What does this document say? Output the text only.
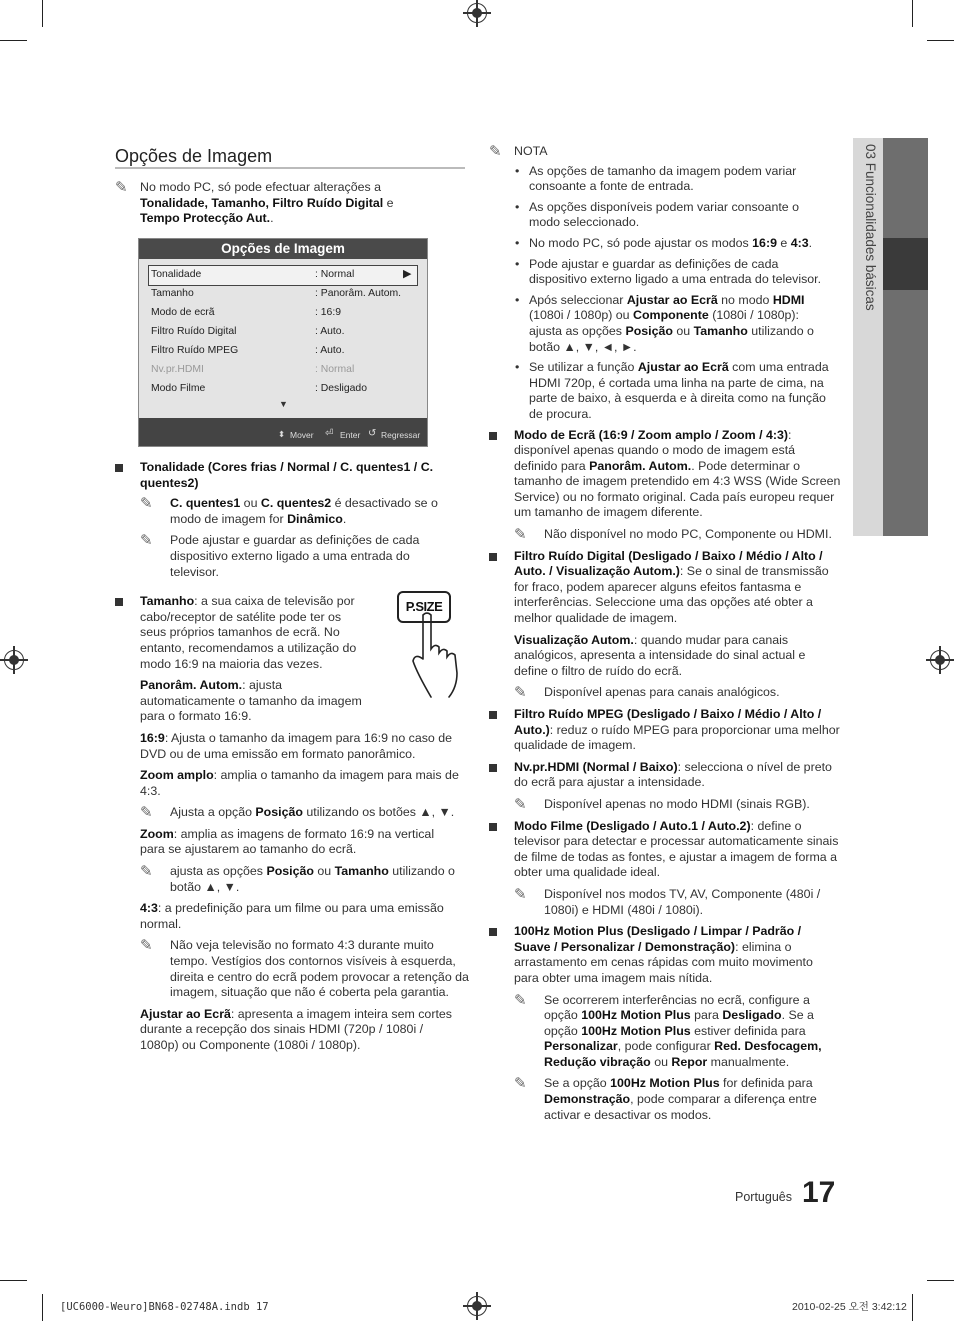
03 Funcionalidades básicas
Opções de Imagem
✎ No modo PC, só pode efectuar alterações a
Tonalidade, Tamanho, Filtro Ruído Digital e
Tempo Protecção Aut..
Opções de Imagem
Tonalidade	: Normal	▶
Tamanho	: Panorâm. Autom.
Modo de ecrã	: 16:9
Filtro Ruído Digital	: Auto.
Filtro Ruído MPEG	: Auto.
Nv.pr.HDMI	: Normal
Modo Filme	: Desligado
▼
⬍ Mover ⏎ Enter ↺ Regressar
Tonalidade (Cores frias / Normal / C. quentes1 / C. quentes2)
✎ C. quentes1 ou C. quentes2 é desactivado se o modo de imagem for Dinâmico.
✎ Pode ajustar e guardar as definições de cada dispositivo externo ligado a uma entrada do televisor.
Tamanho: a sua caixa de televisão por cabo/receptor de satélite pode ter os seus próprios tamanhos de ecrã. No entanto, recomendamos a utilização do modo 16:9 na maioria das vezes.
P.SIZE
Panorâm. Autom.: ajusta automaticamente o tamanho da imagem para o formato 16:9.
16:9: Ajusta o tamanho da imagem para 16:9 no caso de DVD ou de uma emissão em formato panorâmico.
Zoom amplo: amplia o tamanho da imagem para mais de 4:3.
✎ Ajusta a opção Posição utilizando os botões ▲, ▼.
Zoom: amplia as imagens de formato 16:9 na vertical para se ajustarem ao tamanho do ecrã.
✎ ajusta as opções Posição ou Tamanho utilizando o botão ▲, ▼.
4:3: a predefinição para um filme ou para uma emissão normal.
✎ Não veja televisão no formato 4:3 durante muito tempo. Vestígios dos contornos visíveis à esquerda, direita e centro do ecrã podem provocar a retenção da imagem, situação que não é coberta pela garantia.
Ajustar ao Ecrã: apresenta a imagem inteira sem cortes durante a recepção dos sinais HDMI (720p / 1080i / 1080p) ou Componente (1080i / 1080p).
✎ NOTA
• As opções de tamanho da imagem podem variar consoante a fonte de entrada.
• As opções disponíveis podem variar consoante o modo seleccionado.
• No modo PC, só pode ajustar os modos 16:9 e 4:3.
• Pode ajustar e guardar as definições de cada dispositivo externo ligado a uma entrada do televisor.
• Após seleccionar Ajustar ao Ecrã no modo HDMI (1080i / 1080p) ou Componente (1080i / 1080p): ajusta as opções Posição ou Tamanho utilizando o botão ▲, ▼, ◄, ►.
• Se utilizar a função Ajustar ao Ecrã com uma entrada HDMI 720p, é cortada uma linha na parte de cima, na parte de baixo, à esquerda e à direita como na função de procura.
Modo de Ecrã (16:9 / Zoom amplo / Zoom / 4:3): disponível apenas quando o modo de imagem está definido para Panorâm. Autom.. Pode determinar o tamanho de imagem pretendido em 4:3 WSS (Wide Screen Service) ou no formato original. Cada país europeu requer um tamanho de imagem diferente.
✎ Não disponível no modo PC, Componente ou HDMI.
Filtro Ruído Digital (Desligado / Baixo / Médio / Alto / Auto. / Visualização Autom.): Se o sinal de transmissão for fraco, podem aparecer alguns efeitos fantasma e interferências. Seleccione uma das opções até obter a melhor qualidade de imagem.
Visualização Autom.: quando mudar para canais analógicos, apresenta a intensidade do sinal actual e define o filtro de ruído do ecrã.
✎ Disponível apenas para canais analógicos.
Filtro Ruído MPEG (Desligado / Baixo / Médio / Alto / Auto.): reduz o ruído MPEG para proporcionar uma melhor qualidade de imagem.
Nv.pr.HDMI (Normal / Baixo): selecciona o nível de preto do ecrã para ajustar a intensidade.
✎ Disponível apenas no modo HDMI (sinais RGB).
Modo Filme (Desligado / Auto.1 / Auto.2): define o televisor para detectar e processar automaticamente sinais de filme de todas as fontes, e ajustar a imagem de forma a obter uma qualidade ideal.
✎ Disponível nos modos TV, AV, Componente (480i / 1080i) e HDMI (480i / 1080i).
100Hz Motion Plus (Desligado / Limpar / Padrão / Suave / Personalizar / Demonstração): elimina o arrastamento em cenas rápidas com muito movimento para obter uma imagem mais nítida.
✎ Se ocorrerem interferências no ecrã, configure a opção 100Hz Motion Plus para Desligado. Se a opção 100Hz Motion Plus estiver definida para Personalizar, pode configurar Red. Desfocagem, Redução vibração ou Repor manualmente.
✎ Se a opção 100Hz Motion Plus for definida para Demonstração, pode comparar a diferença entre activar e desactivar os modos.
Português 17
[UC6000-Weuro]BN68-02748A.indb 17	2010-02-25 오전 3:42:12
